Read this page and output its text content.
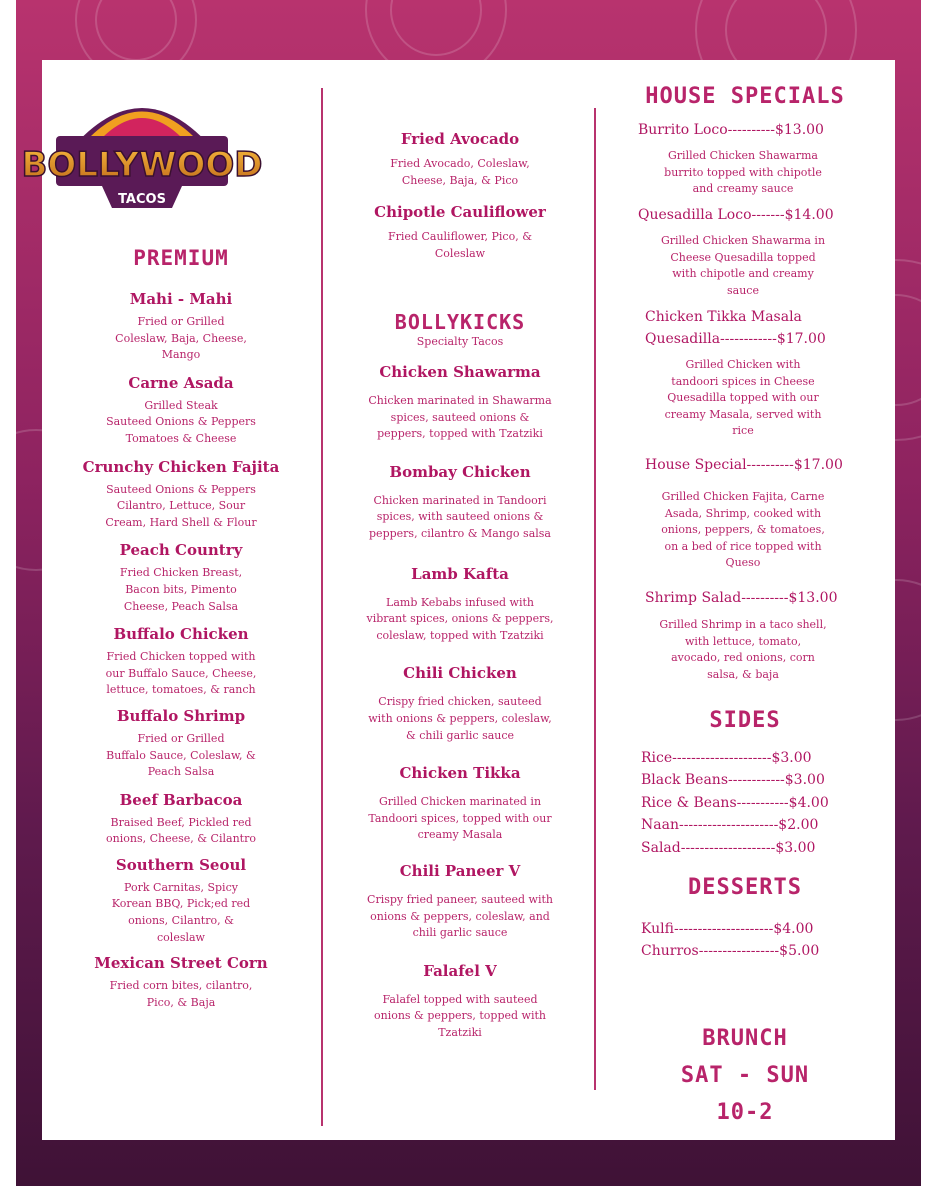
BOLLYWOOD
TACOS
PREMIUM
Mahi - Mahi
Fried or Grilled
Coleslaw, Baja, Cheese,
Mango
Carne Asada
Grilled Steak
Sauteed Onions & Peppers
Tomatoes & Cheese
Crunchy Chicken Fajita
Sauteed Onions & Peppers
Cilantro, Lettuce, Sour
Cream, Hard Shell & Flour
Peach Country
Fried Chicken Breast,
Bacon bits, Pimento
Cheese, Peach Salsa
Buffalo Chicken
Fried Chicken topped with
our Buffalo Sauce, Cheese,
lettuce, tomatoes, & ranch
Buffalo Shrimp
Fried or Grilled
Buffalo Sauce, Coleslaw, &
Peach Salsa
Beef Barbacoa
Braised Beef, Pickled red
onions, Cheese, & Cilantro
Southern Seoul
Pork Carnitas, Spicy
Korean BBQ, Pick;ed red
onions, Cilantro, &
coleslaw
Mexican Street Corn
Fried corn bites, cilantro,
Pico, & Baja
Fried Avocado
Fried Avocado, Coleslaw,
Cheese, Baja, & Pico
Chipotle Cauliflower
Fried Cauliflower, Pico, &
Coleslaw
BOLLYKICKS
Specialty Tacos
Chicken Shawarma
Chicken marinated in Shawarma
spices, sauteed onions &
peppers, topped with Tzatziki
Bombay Chicken
Chicken marinated in Tandoori
spices, with sauteed onions &
peppers, cilantro & Mango salsa
Lamb Kafta
Lamb Kebabs infused with
vibrant spices, onions & peppers,
coleslaw, topped with Tzatziki
Chili Chicken
Crispy fried chicken, sauteed
with onions & peppers, coleslaw,
& chili garlic sauce
Chicken Tikka
Grilled Chicken marinated in
Tandoori spices, topped with our
creamy Masala
Chili Paneer V
Crispy fried paneer, sauteed with
onions & peppers, coleslaw, and
chili garlic sauce
Falafel V
Falafel topped with sauteed
onions & peppers, topped with
Tzatziki
HOUSE SPECIALS
Burrito Loco----------$13.00
Grilled Chicken Shawarma
burrito topped with chipotle
and creamy sauce
Quesadilla Loco-------$14.00
Grilled Chicken Shawarma in
Cheese Quesadilla topped
with chipotle and creamy
sauce
Chicken Tikka Masala
Quesadilla------------$17.00
Grilled Chicken with
tandoori spices in Cheese
Quesadilla topped with our
creamy Masala, served with
rice
House Special----------$17.00
Grilled Chicken Fajita, Carne
Asada, Shrimp, cooked with
onions, peppers, & tomatoes,
on a bed of rice topped with
Queso
Shrimp Salad----------$13.00
Grilled Shrimp in a taco shell,
with lettuce, tomato,
avocado, red onions, corn
salsa, & baja
SIDES
Rice---------------------$3.00
Black Beans------------$3.00
Rice & Beans-----------$4.00
Naan---------------------$2.00
Salad--------------------$3.00
DESSERTS
Kulfi---------------------$4.00
Churros-----------------$5.00
BRUNCH
SAT - SUN
10-2
